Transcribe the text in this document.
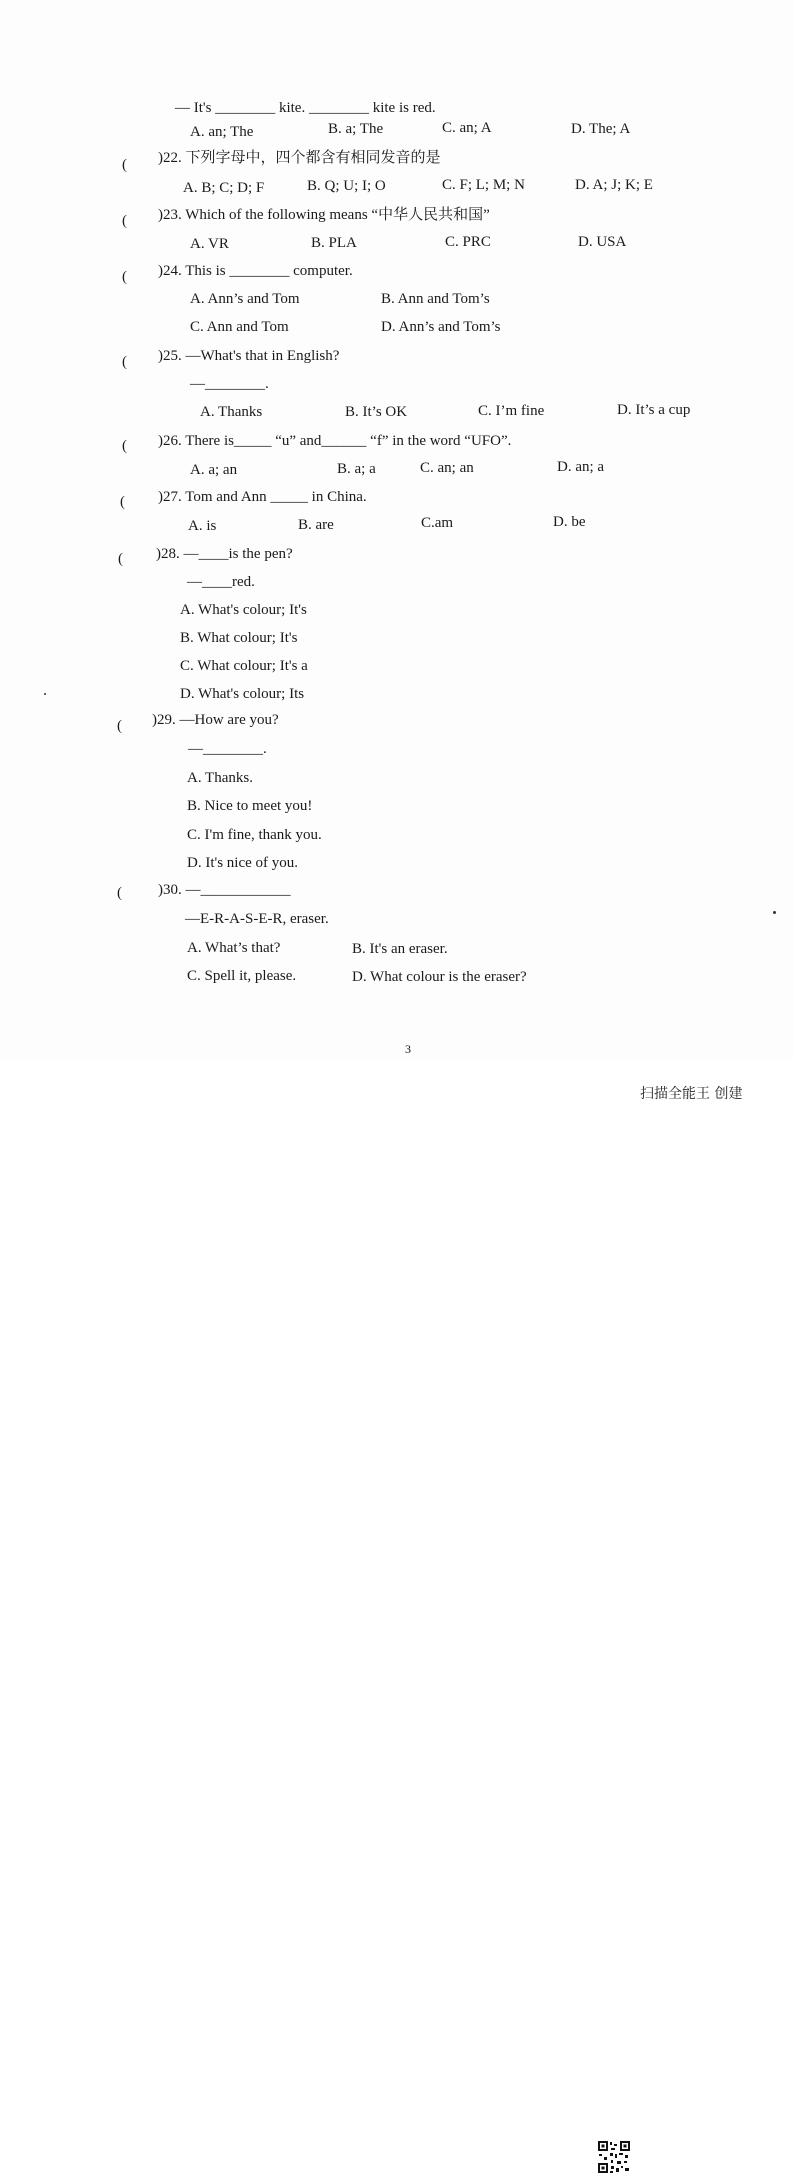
— It's ________ kite. ________ kite is red.
A. an; The	B. a; The	C. an; A	D. The; A
( )22. 下列字母中，四个都含有相同发音的是
A. B; C; D; F	B. Q; U; I; O	C. F; L; M; N	D. A; J; K; E
( )23. Which of the following means “中华人民共和国”
A. VR	B. PLA	C. PRC	D. USA
( )24. This is ________ computer.
A. Ann’s and Tom	B. Ann and Tom’s
C. Ann and Tom	D. Ann’s and Tom’s
( )25. —What's that in English?
—________.
A. Thanks	B. It’s OK	C. I’m fine	D. It’s a cup
( )26. There is_____ “u” and______ “f” in the word “UFO”.
A. a; an	B. a; a	C. an; an	D. an; a
( )27. Tom and Ann _____ in China.
A. is	B. are	C.am	D. be
( )28. —____is the pen?
—____red.
A. What's colour; It's
B. What colour; It's
C. What colour; It's a
D. What's colour; Its
( )29. —How are you?
—________.
A. Thanks.
B. Nice to meet you!
C. I'm fine, thank you.
D. It's nice of you.
( )30. —____________
—E-R-A-S-E-R, eraser.
A. What’s that?	B. It's an eraser.
C. Spell it, please.	D. What colour is the eraser?
3
扫描全能王 创建
